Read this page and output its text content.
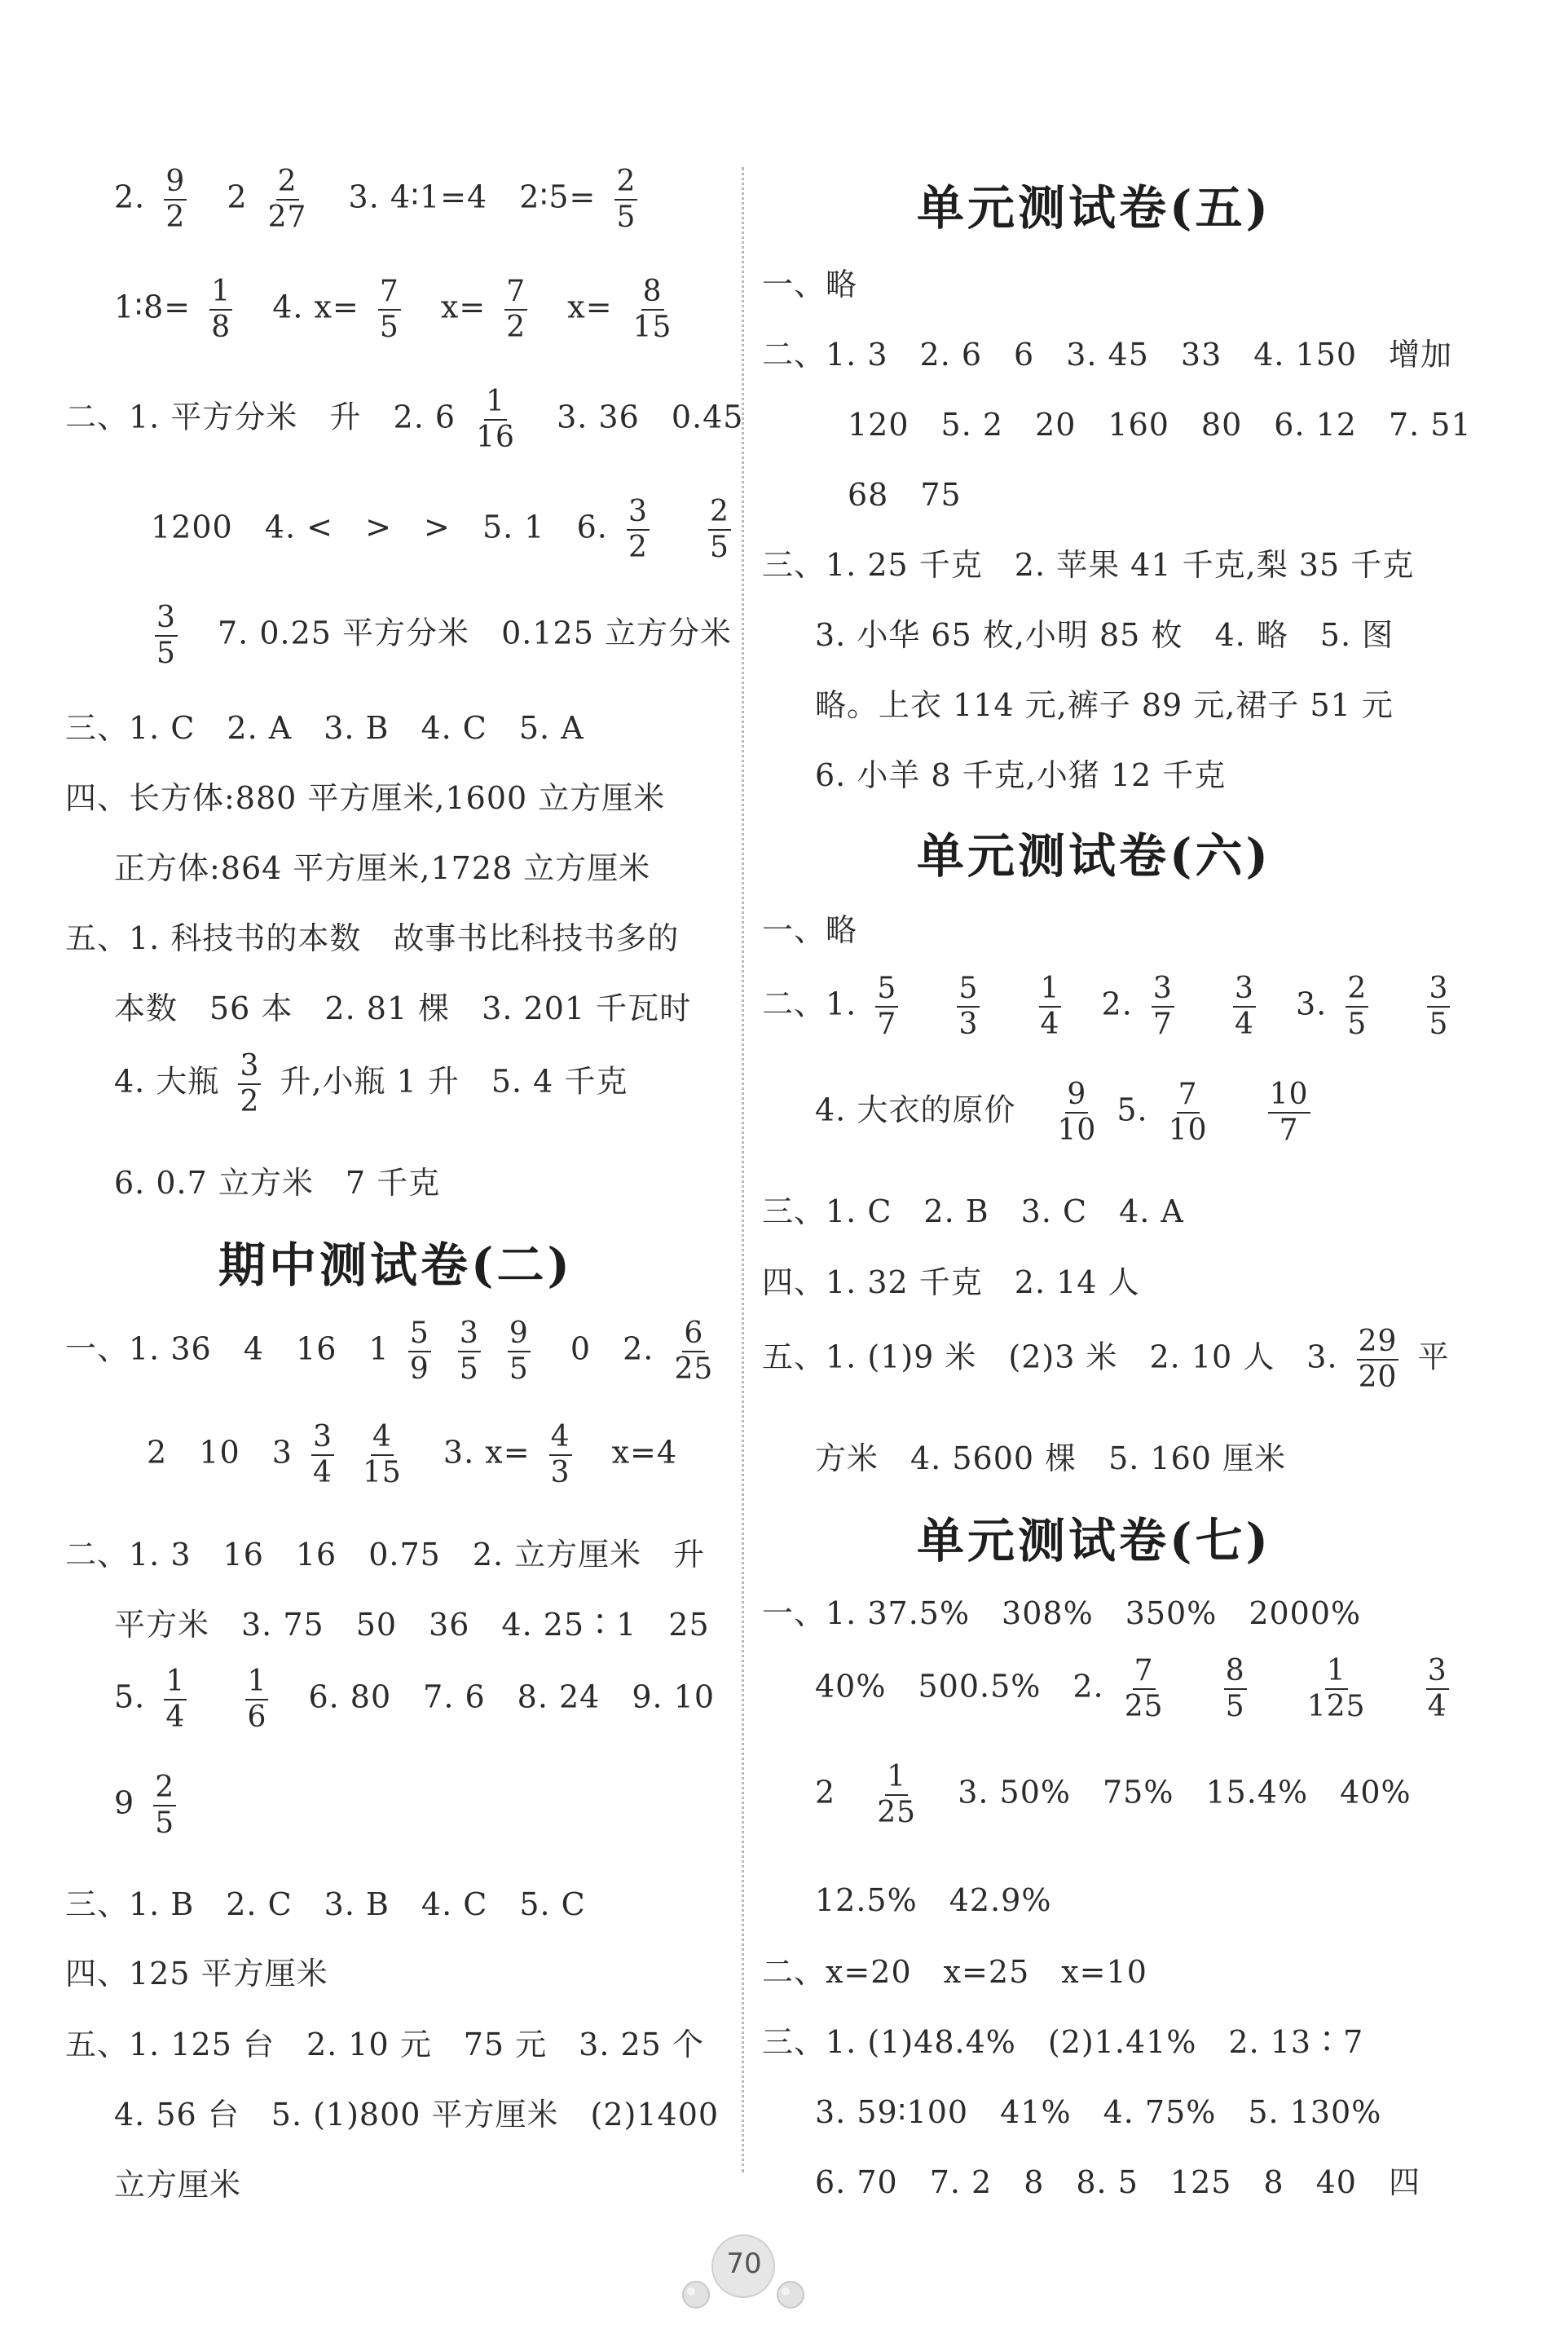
2. $\frac{9}{2} 2 \frac{2}{27} 3$. 4∶1=4 2∶5= $\frac{2}{5}$
1∶8= $\frac{1}{8} 4$. $x= \frac{7}{5} x= \frac{7}{2} x= \frac{8}{15}$
二、1. 平方分米 升 2. $6 \frac{1}{16} 3$. 36 0.45
1200 4. < > > 5. 1 6. $\frac{3}{2}$
$\frac{2}{5}$
$\frac{3}{5} 7$. 0.25 平方分米 0.125 立方分米
三、1. C　2. A　3. B　4. C　5. A
四、长方体:880 平方厘米,1600 立方厘米
正方体:864 平方厘米,1728 立方厘米
五、1. 科技书的本数　故事书比科技书多的
本数　56 本　2. 81 棵　3. 201 千瓦时
4. 大瓶 $\frac{3}{2}$ 升,小瓶 1 升　5. 4 千克
6. 0.7 立方米　7 千克
期中测试卷(二)
一、1. 36 4 16 $1 \frac{5}{9}$
$\frac{3}{5}$
$\frac{9}{5} 0$ 2. $\frac{6}{25}$
2 10 $3 \frac{3}{4}$
$\frac{4}{15} 3$. $x= \frac{4}{3} x=4$
二、1. 3　16　16　0.75　2. 立方厘米　升
平方米　3. 75　50　36　4. 25∶1　25
5. $\frac{1}{4}$
$\frac{1}{6} 6$. 80　7. 6　8. 24　9. 10
$9 \frac{2}{5}$
三、1. B　2. C　3. B　4. C　5. C
四、125 平方厘米
五、1. 125 台　2. 10 元　75 元　3. 25 个
4. 56 台　5. (1)800 平方厘米　(2)1400
立方厘米
单元测试卷(五)
一、略
二、1. 3　2. 6　6　3. 45　33　4. 150　增加
120　5. 2　20　160　80　6. 12　7. 51
68　75
三、1. 25 千克　2. 苹果 41 千克,梨 35 千克
3. 小华 65 枚,小明 85 枚　4. 略　5. 图
略。上衣 114 元,裤子 89 元,裙子 51 元
6. 小羊 8 千克,小猪 12 千克
单元测试卷(六)
一、略
二、1. $\frac{5}{7}$
$\frac{5}{3}$
$\frac{1}{4} 2$. $\frac{3}{7}$
$\frac{3}{4} 3$. $\frac{2}{5}$
$\frac{3}{5}$
4. 大衣的原价 $\frac{9}{10} 5$. $\frac{7}{10}$
$\frac{10}{7}$
三、1. C　2. B　3. C　4. A
四、1. 32 千克　2. 14 人
五、1. (1)9 米　(2)3 米　2. 10 人　3. $\frac{29}{20}$ 平
方米　4. 5600 棵　5. 160 厘米
单元测试卷(七)
一、1. 37.5%　308%　350%　2000%
40%　500.5%　2. $\frac{7}{25}$
$\frac{8}{5}$
$\frac{1}{125}$
$\frac{3}{4}$
$2 \frac{1}{25} 3$. 50%　75%　15.4%　40%
12.5%　42.9%
二、x=20　x=25　x=10
三、1. (1)48.4%　(2)1.41%　2. 13∶7
3. 59∶100　41%　4. 75%　5. 130%
6. 70　7. 2　8　8. 5　125　8　40　四
70
